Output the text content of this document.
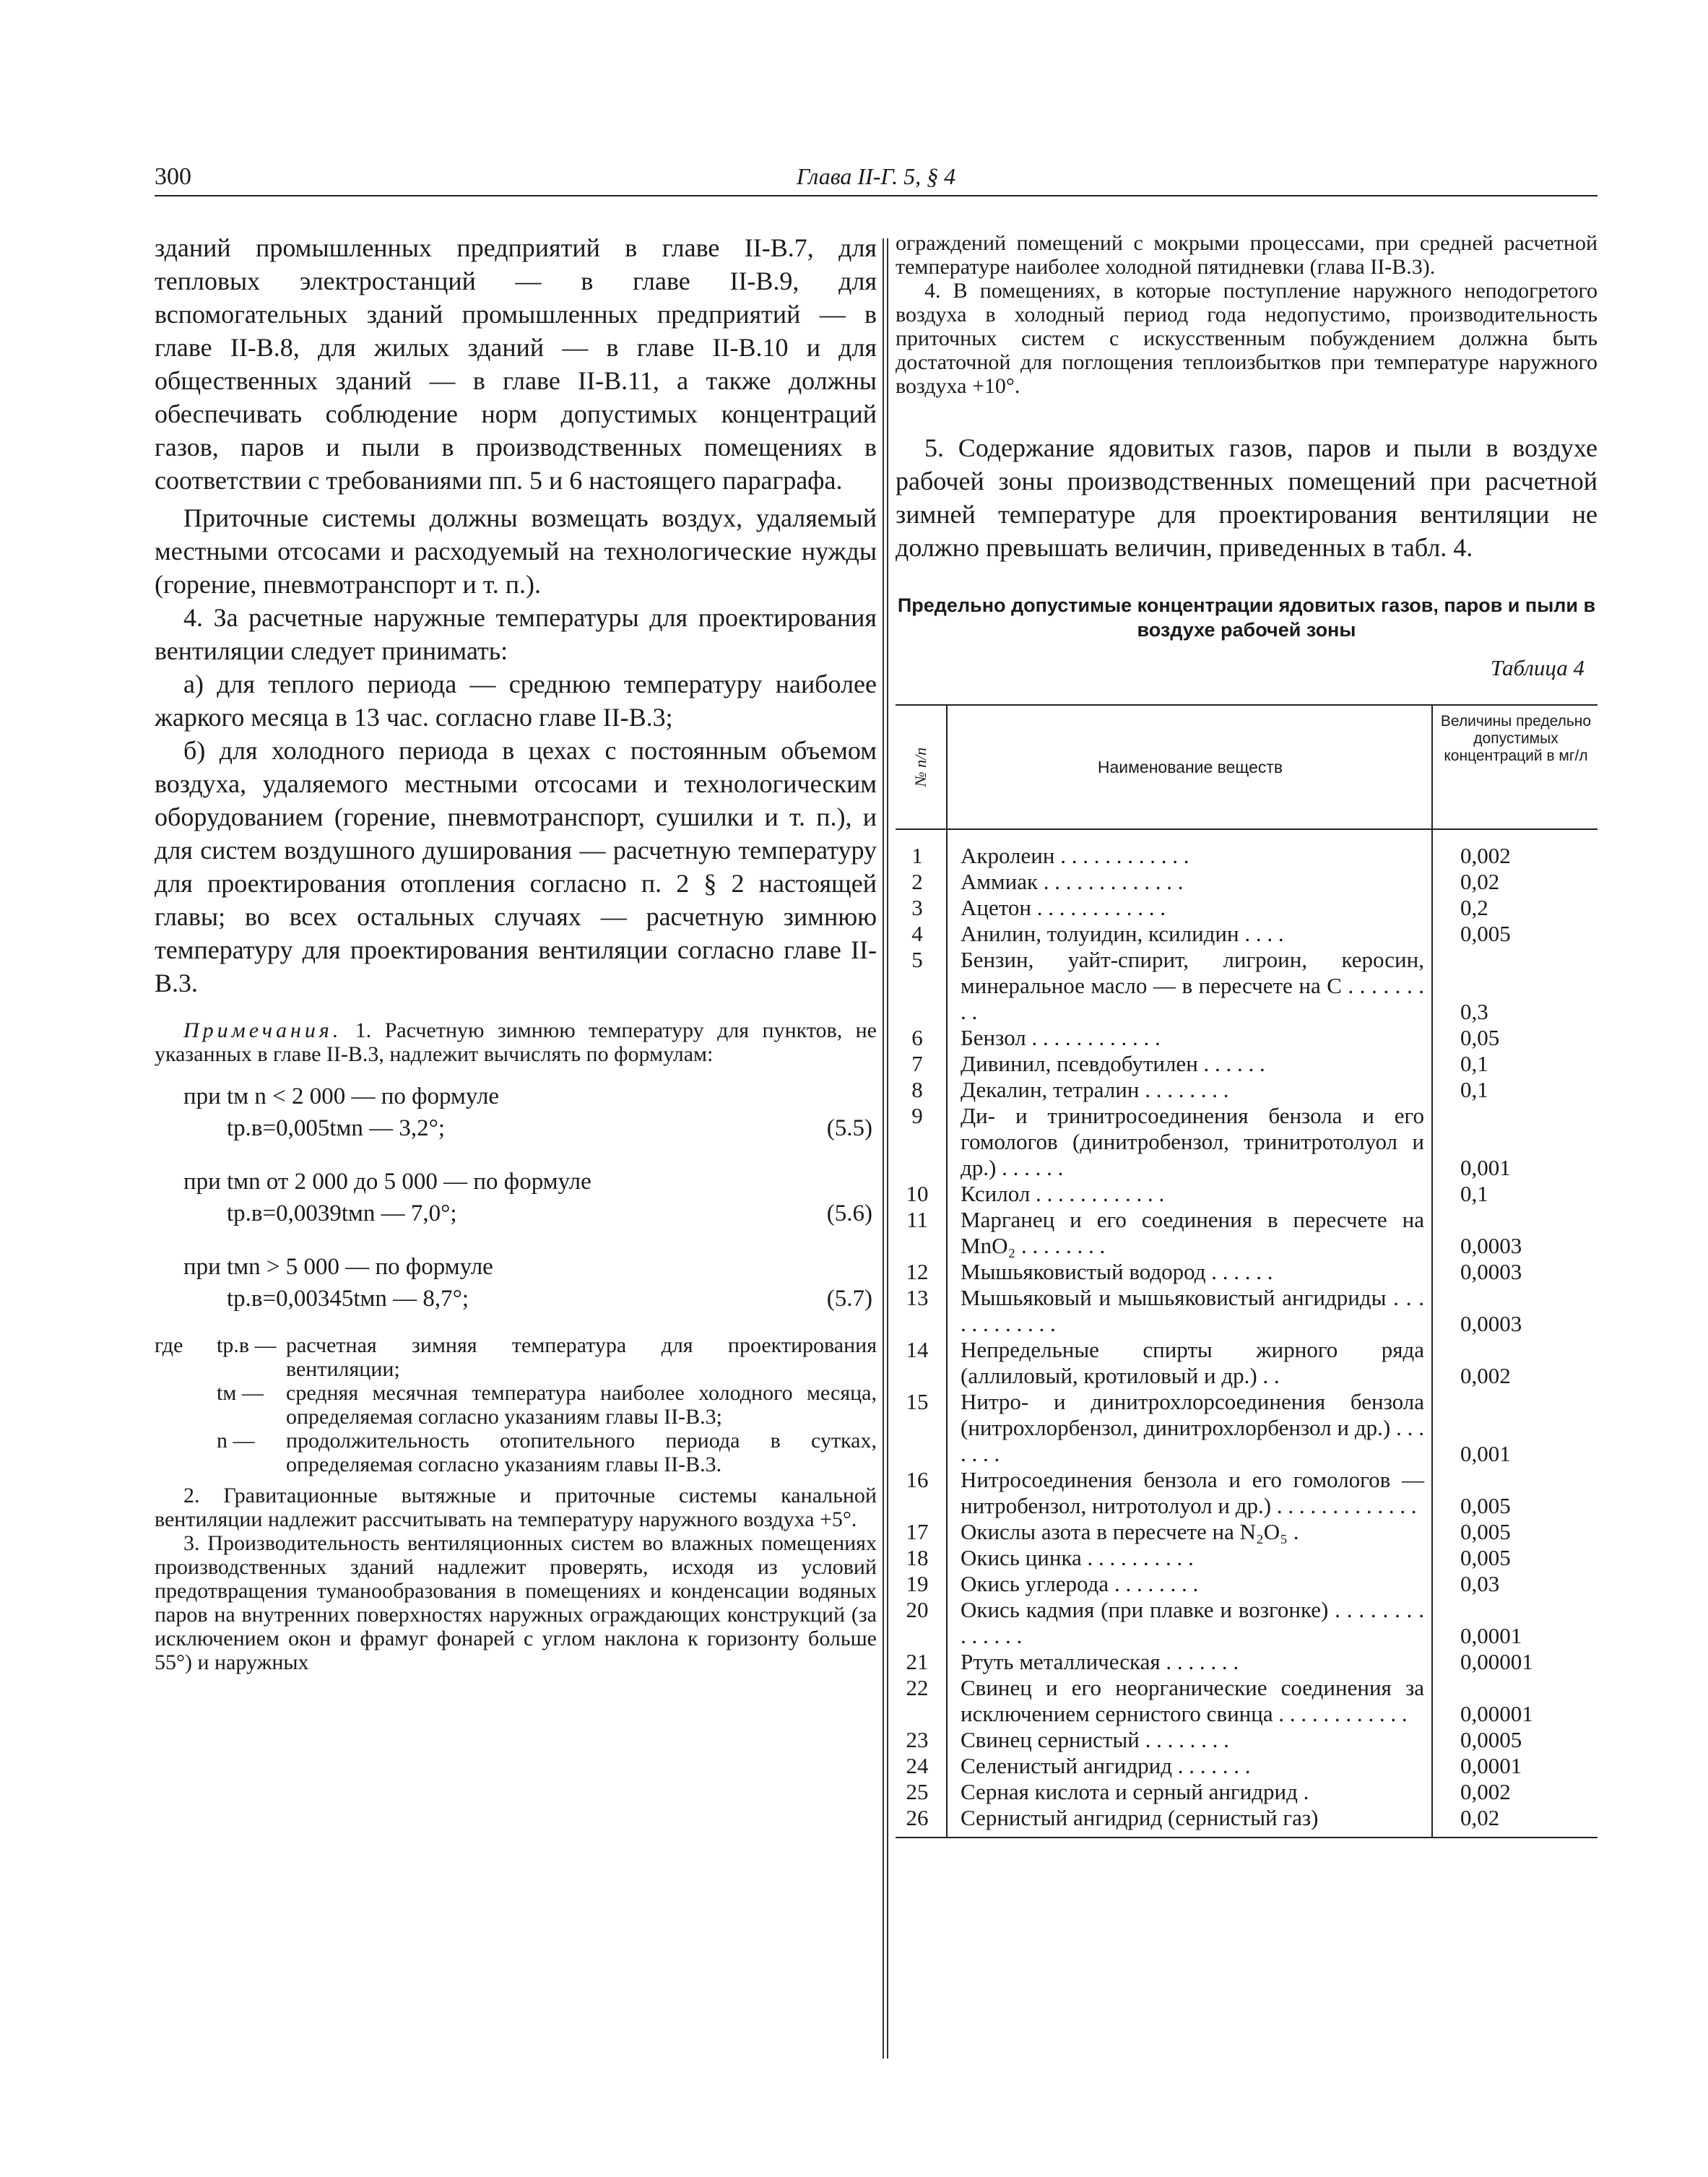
300	Глава II-Г. 5, § 4

зданий промышленных предприятий в главе II-В.7, для тепловых электростанций — в главе II-В.9, для вспомогательных зданий промышленных предприятий — в главе II-В.8, для жилых зданий — в главе II-В.10 и для общественных зданий — в главе II-В.11, а также должны обеспечивать соблюдение норм допустимых концентраций газов, паров и пыли в производственных помещениях в соответствии с требованиями пп. 5 и 6 настоящего параграфа.

Приточные системы должны возмещать воздух, удаляемый местными отсосами и расходуемый на технологические нужды (горение, пневмотранспорт и т. п.).

4. За расчетные наружные температуры для проектирования вентиляции следует принимать:

а) для теплого периода — среднюю температуру наиболее жаркого месяца в 13 час. согласно главе II-В.3;

б) для холодного периода в цехах с постоянным объемом воздуха, удаляемого местными отсосами и технологическим оборудованием (горение, пневмотранспорт, сушилки и т. п.), и для систем воздушного душирования — расчетную температуру для проектирования отопления согласно п. 2 § 2 настоящей главы; во всех остальных случаях — расчетную зимнюю температуру для проектирования вентиляции согласно главе II-В.3.

Примечания. 1. Расчетную зимнюю температуру для пунктов, не указанных в главе II-В.3, надлежит вычислять по формулам:

при tм n < 2 000 — по формуле
tр.в=0,005tмn — 3,2°;	(5.5)
при tмn от 2 000 до 5 000 — по формуле
tр.в=0,0039tмn — 7,0°;	(5.6)
при tмn > 5 000 — по формуле
tр.в=0,00345tмn — 8,7°;	(5.7)
где	tр.в — расчетная зимняя температура для проектирования вентиляции;
tм —	средняя месячная температура наиболее холодного месяца, определяемая согласно указаниям главы II-В.3;
n —	продолжительность отопительного периода в сутках, определяемая согласно указаниям главы II-В.3.

2. Гравитационные вытяжные и приточные системы канальной вентиляции надлежит рассчитывать на температуру наружного воздуха +5°.

3. Производительность вентиляционных систем во влажных помещениях производственных зданий надлежит проверять, исходя из условий предотвращения туманообразования в помещениях и конденсации водяных паров на внутренних поверхностях наружных ограждающих конструкций (за исключением окон и фрамуг фонарей с углом наклона к горизонту больше 55°) и наружных

ограждений помещений с мокрыми процессами, при средней расчетной температуре наиболее холодной пятидневки (глава II-В.3).

4. В помещениях, в которые поступление наружного неподогретого воздуха в холодный период года недопустимо, производительность приточных систем с искусственным побуждением должна быть достаточной для поглощения теплоизбытков при температуре наружного воздуха +10°.

5. Содержание ядовитых газов, паров и пыли в воздухе рабочей зоны производственных помещений при расчетной зимней температуре для проектирования вентиляции не должно превышать величин, приведенных в табл. 4.

Предельно допустимые концентрации ядовитых газов, паров и пыли в воздухе рабочей зоны

Таблица 4
№ п/п	Наименование веществ
Величины предельно допустимых концентраций в мг/л
1	Акролеин . . . . . . . . . . . .	0,002
2	Аммиак . . . . . . . . . . . . .	0,02
3	Ацетон . . . . . . . . . . . .	0,2
4	Анилин, толуидин, ксилидин . . . .	0,005
5	Бензин, уайт-спирит, лигроин, керосин, минеральное масло — в пересчете на С . . . . . . . . .	0,3
6	Бензол . . . . . . . . . . . .	0,05
7	Дивинил, псевдобутилен . . . . . .	0,1
8	Декалин, тетралин . . . . . . . .	0,1
9	Ди- и тринитросоединения бензола и его гомологов (динитробензол, тринитротолуол и др.) . . . . . .	0,001
10	Ксилол . . . . . . . . . . . .	0,1
11	Марганец и его соединения в пересчете на MnO₂ . . . . . . . .	0,0003
12	Мышьяковистый водород . . . . . .	0,0003
13	Мышьяковый и мышьяковистый ангидриды . . . . . . . . . . . .	0,0003
14	Непредельные спирты жирного ряда (аллиловый, кротиловый и др.) . .	0,002
15	Нитро- и динитрохлорсоединения бензола (нитрохлорбензол, динитрохлорбензол и др.) . . . . . . .	0,001
16	Нитросоединения бензола и его гомологов — нитробензол, нитротолуол и др.) . . . . . . . . . . . . .	0,005
17	Окислы азота в пересчете на N₂O₅ .	0,005
18	Окись цинка . . . . . . . . . .	0,005
19	Окись углерода . . . . . . . .	0,03
20	Окись кадмия (при плавке и возгонке) . . . . . . . . . . . . . .	0,0001
21	Ртуть металлическая . . . . . . .	0,00001
22	Свинец и его неорганические соединения за исключением сернистого свинца . . . . . . . . . . . .	0,00001
23	Свинец сернистый . . . . . . . .	0,0005
24	Селенистый ангидрид . . . . . . .	0,0001
25	Серная кислота и серный ангидрид .	0,002
26	Сернистый ангидрид (сернистый газ)	0,02
